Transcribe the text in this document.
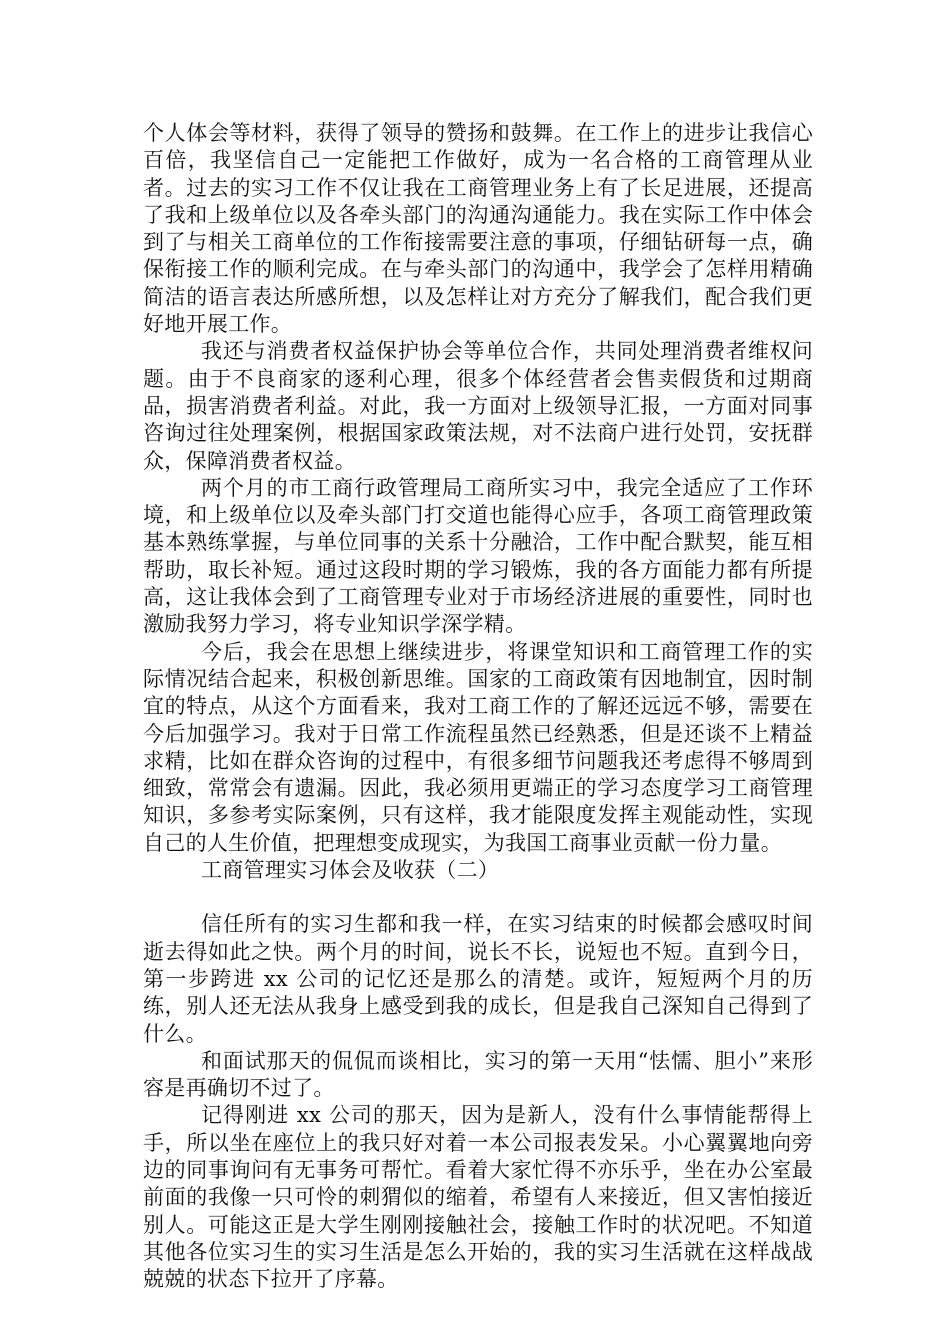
个人体会等材料，获得了领导的赞扬和鼓舞。在工作上的进步让我信心百倍，我坚信自己一定能把工作做好，成为一名合格的工商管理从业者。过去的实习工作不仅让我在工商管理业务上有了长足进展，还提高了我和上级单位以及各牵头部门的沟通沟通能力。我在实际工作中体会到了与相关工商单位的工作衔接需要注意的事项，仔细钻研每一点，确保衔接工作的顺利完成。在与牵头部门的沟通中，我学会了怎样用精确简洁的语言表达所感所想，以及怎样让对方充分了解我们，配合我们更好地开展工作。

我还与消费者权益保护协会等单位合作，共同处理消费者维权问题。由于不良商家的逐利心理，很多个体经营者会售卖假货和过期商品，损害消费者利益。对此，我一方面对上级领导汇报，一方面对同事咨询过往处理案例，根据国家政策法规，对不法商户进行处罚，安抚群众，保障消费者权益。

两个月的市工商行政管理局工商所实习中，我完全适应了工作环境，和上级单位以及牵头部门打交道也能得心应手，各项工商管理政策基本熟练掌握，与单位同事的关系十分融洽，工作中配合默契，能互相帮助，取长补短。通过这段时期的学习锻炼，我的各方面能力都有所提高，这让我体会到了工商管理专业对于市场经济进展的重要性，同时也激励我努力学习，将专业知识学深学精。

今后，我会在思想上继续进步，将课堂知识和工商管理工作的实际情况结合起来，积极创新思维。国家的工商政策有因地制宜，因时制宜的特点，从这个方面看来，我对工商工作的了解还远远不够，需要在今后加强学习。我对于日常工作流程虽然已经熟悉，但是还谈不上精益求精，比如在群众咨询的过程中，有很多细节问题我还考虑得不够周到细致，常常会有遗漏。因此，我必须用更端正的学习态度学习工商管理知识，多参考实际案例，只有这样，我才能限度发挥主观能动性，实现自己的人生价值，把理想变成现实，为我国工商事业贡献一份力量。

工商管理实习体会及收获（二）

信任所有的实习生都和我一样，在实习结束的时候都会感叹时间逝去得如此之快。两个月的时间，说长不长，说短也不短。直到今日，第一步跨进 xx 公司的记忆还是那么的清楚。或许，短短两个月的历练，别人还无法从我身上感受到我的成长，但是我自己深知自己得到了什么。

和面试那天的侃侃而谈相比，实习的第一天用“怯懦、胆小”来形容是再确切不过了。

记得刚进 xx 公司的那天，因为是新人，没有什么事情能帮得上手，所以坐在座位上的我只好对着一本公司报表发呆。小心翼翼地向旁边的同事询问有无事务可帮忙。看着大家忙得不亦乐乎，坐在办公室最前面的我像一只可怜的刺猬似的缩着，希望有人来接近，但又害怕接近别人。可能这正是大学生刚刚接触社会，接触工作时的状况吧。不知道其他各位实习生的实习生活是怎么开始的，我的实习生活就在这样战战兢兢的状态下拉开了序幕。
